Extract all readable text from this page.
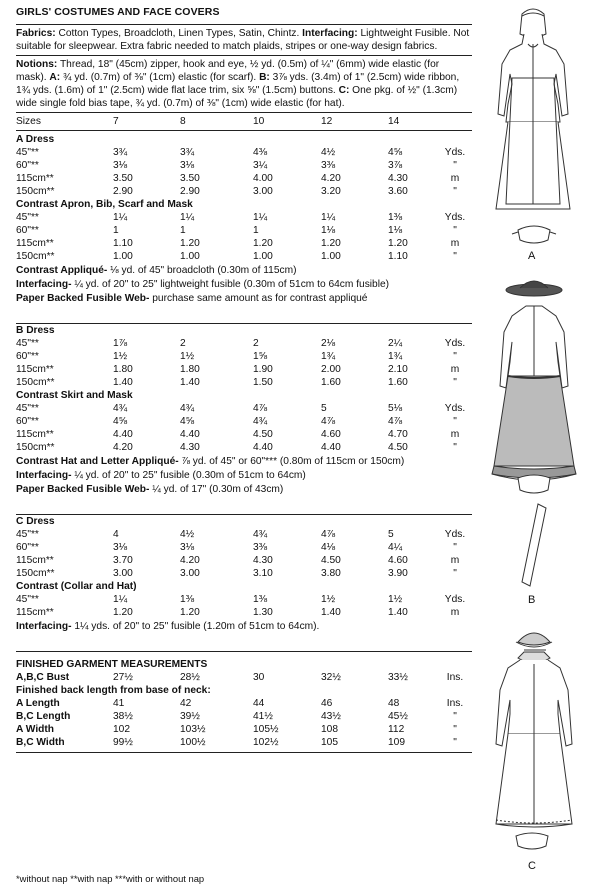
GIRLS' COSTUMES AND FACE COVERS
Fabrics: Cotton Types, Broadcloth, Linen Types, Satin, Chintz. Interfacing: Lightweight Fusible. Not suitable for sleepwear. Extra fabric needed to match plaids, stripes or one-way design fabrics.
Notions: Thread, 18" (45cm) zipper, hook and eye, ½ yd. (0.5m) of ¼" (6mm) wide elastic (for mask). A: ¾ yd. (0.7m) of ⅜" (1cm) elastic (for scarf). B: 3⅞ yds. (3.4m) of 1" (2.5cm) wide ribbon, 1¾ yds. (1.6m) of 1" (2.5cm) wide flat lace trim, six ⅝" (1.5cm) buttons. C: One pkg. of ½" (1.3cm) wide single fold bias tape, ¾ yd. (0.7m) of ⅜" (1cm) wide elastic (for hat).
Sizes	7	8	10	12	14	
A Dress						
45"**	3¾	3¾	4⅜	4½	4⅝	Yds.
60"**	3⅛	3⅛	3¼	3⅜	3⅞	"
115cm**	3.50	3.50	4.00	4.20	4.30	m
150cm**	2.90	2.90	3.00	3.20	3.60	"
Contrast Apron, Bib, Scarf and Mask						
45"**	1¼	1¼	1¼	1¼	1⅜	Yds.
60"**	1	1	1	1⅛	1⅛	"
115cm**	1.10	1.20	1.20	1.20	1.20	m
150cm**	1.00	1.00	1.00	1.00	1.10	"
Contrast Appliqué- ⅛ yd. of 45" broadcloth (0.30m of 115cm)
Interfacing- ¼ yd. of 20" to 25" lightweight fusible (0.30m of 51cm to 64cm fusible)
Paper Backed Fusible Web- purchase same amount as for contrast appliqué
B Dress						
45"**	1⅞	2	2	2⅛	2¼	Yds.
60"**	1½	1½	1⅝	1¾	1¾	"
115cm**	1.80	1.80	1.90	2.00	2.10	m
150cm**	1.40	1.40	1.50	1.60	1.60	"
Contrast Skirt and Mask						
45"**	4¾	4¾	4⅞	5	5⅛	Yds.
60"**	4⅝	4⅝	4¾	4⅞	4⅞	"
115cm**	4.40	4.40	4.50	4.60	4.70	m
150cm**	4.20	4.30	4.40	4.40	4.50	"
Contrast Hat and Letter Appliqué- ⅞ yd. of 45" or 60"*** (0.80m of 115cm or 150cm)
Interfacing- ¼ yd. of 20" to 25" fusible (0.30m of 51cm to 64cm)
Paper Backed Fusible Web- ¼ yd. of 17" (0.30m of 43cm)
C Dress						
45"**	4	4½	4¾	4⅞	5	Yds.
60"**	3⅛	3⅛	3⅜	4⅛	4¼	"
115cm**	3.70	4.20	4.30	4.50	4.60	m
150cm**	3.00	3.00	3.10	3.80	3.90	"
Contrast (Collar and Hat)						
45"**	1¼	1⅜	1⅜	1½	1½	Yds.
115cm**	1.20	1.20	1.30	1.40	1.40	m
Interfacing- 1¼ yds. of 20" to 25" fusible (1.20m of 51cm to 64cm).
FINISHED GARMENT MEASUREMENTS						
A,B,C Bust	27½	28½	30	32½	33½	Ins.
Finished back length from base of neck:						
A Length	41	42	44	46	48	Ins.
B,C Length	38½	39½	41½	43½	45½	"
A Width	102	103½	105½	108	112	"
B,C Width	99½	100½	102½	105	109	"
*without nap **with nap ***with or without nap
A
B
C
